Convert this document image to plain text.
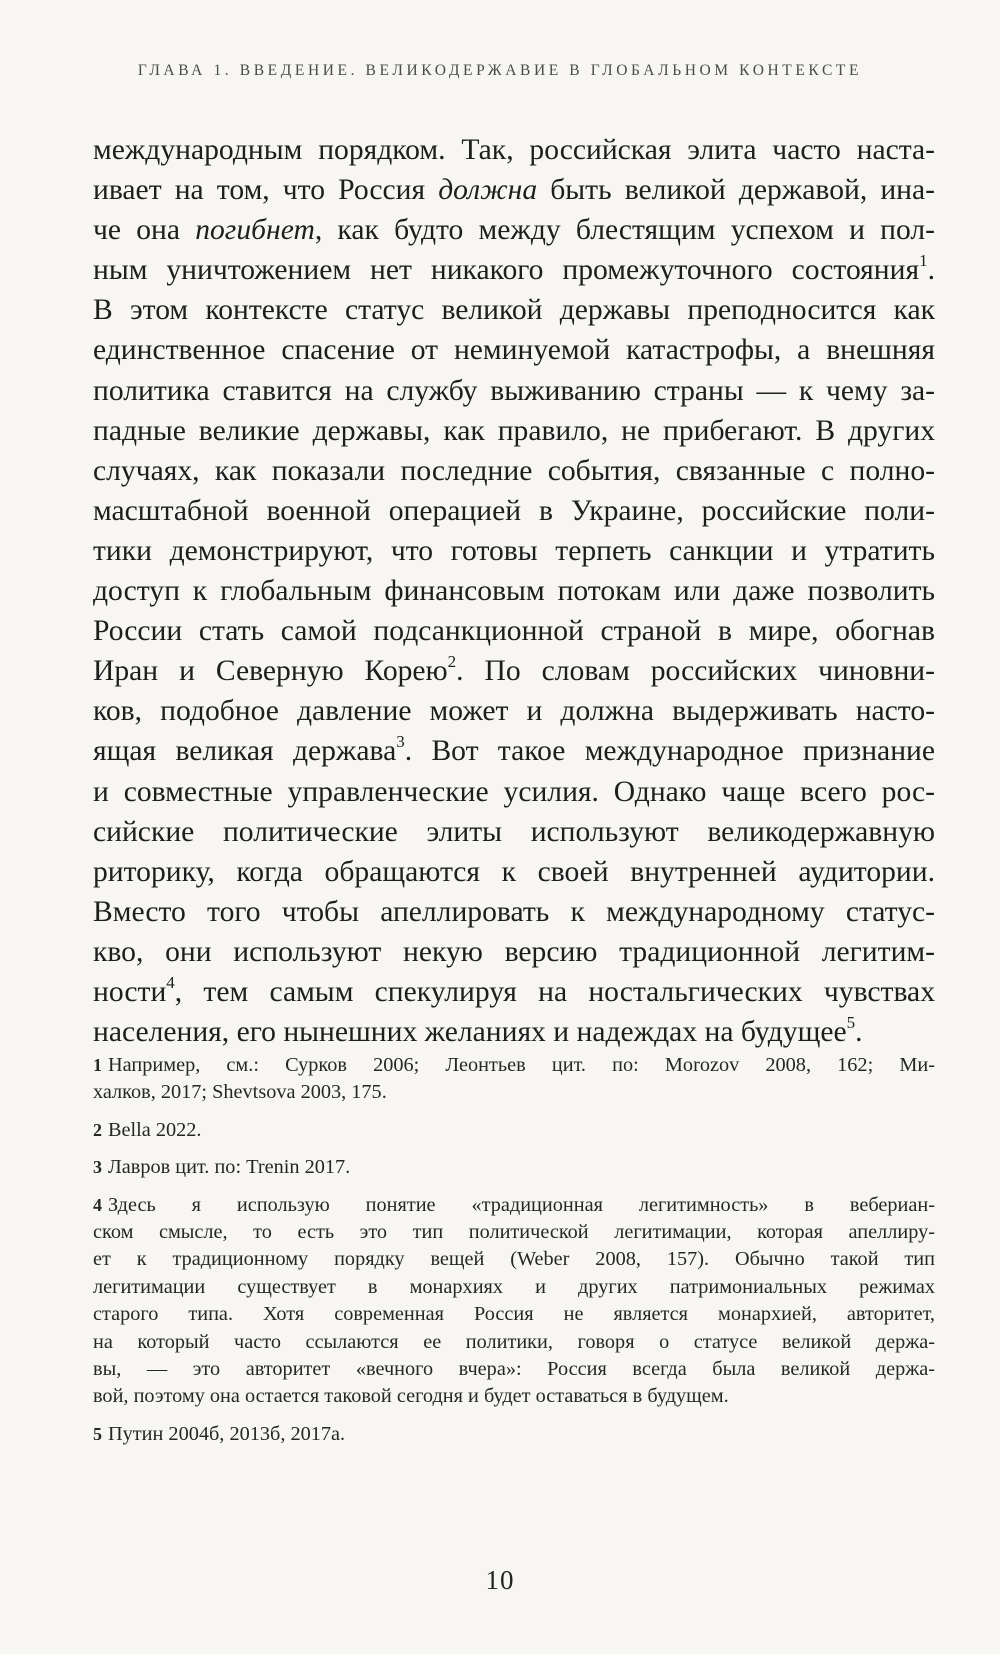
ГЛАВА 1. ВВЕДЕНИЕ. ВЕЛИКОДЕРЖАВИЕ В ГЛОБАЛЬНОМ КОНТЕКСТЕ
международным порядком. Так, российская элита часто наста-
ивает на том, что Россия должна быть великой державой, ина-
че она погибнет, как будто между блестящим успехом и пол-
ным уничтожением нет никакого промежуточного состояния$^1$.
В этом контексте статус великой державы преподносится как
единственное спасение от неминуемой катастрофы, а внешняя
политика ставится на службу выживанию страны — к чему за-
падные великие державы, как правило, не прибегают. В других
случаях, как показали последние события, связанные с полно-
масштабной военной операцией в Украине, российские поли-
тики демонстрируют, что готовы терпеть санкции и утратить
доступ к глобальным финансовым потокам или даже позволить
России стать самой подсанкционной страной в мире, обогнав
Иран и Северную Корею$^2$. По словам российских чиновни-
ков, подобное давление может и должна выдерживать насто-
ящая великая держава$^3$. Вот такое международное признание
и совместные управленческие усилия. Однако чаще всего рос-
сийские политические элиты используют великодержавную
риторику, когда обращаются к своей внутренней аудитории.
Вместо того чтобы апеллировать к международному статус-
кво, они используют некую версию традиционной легитим-
ности$^4$, тем самым спекулируя на ностальгических чувствах
населения, его нынешних желаниях и надеждах на будущее$^5$.
1 Например, см.: Сурков 2006; Леонтьев цит. по: Morozov 2008, 162; Ми-
халков, 2017; Shevtsova 2003, 175.
2 Bella 2022.
3 Лавров цит. по: Trenin 2017.
4 Здесь я использую понятие «традиционная легитимность» в вебериан-
ском смысле, то есть это тип политической легитимации, которая апеллиру-
ет к традиционному порядку вещей (Weber 2008, 157). Обычно такой тип
легитимации существует в монархиях и других патримониальных режимах
старого типа. Хотя современная Россия не является монархией, авторитет,
на который часто ссылаются ее политики, говоря о статусе великой держа-
вы, — это авторитет «вечного вчера»: Россия всегда была великой держа-
вой, поэтому она остается таковой сегодня и будет оставаться в будущем.
5 Путин 2004б, 2013б, 2017а.
10
